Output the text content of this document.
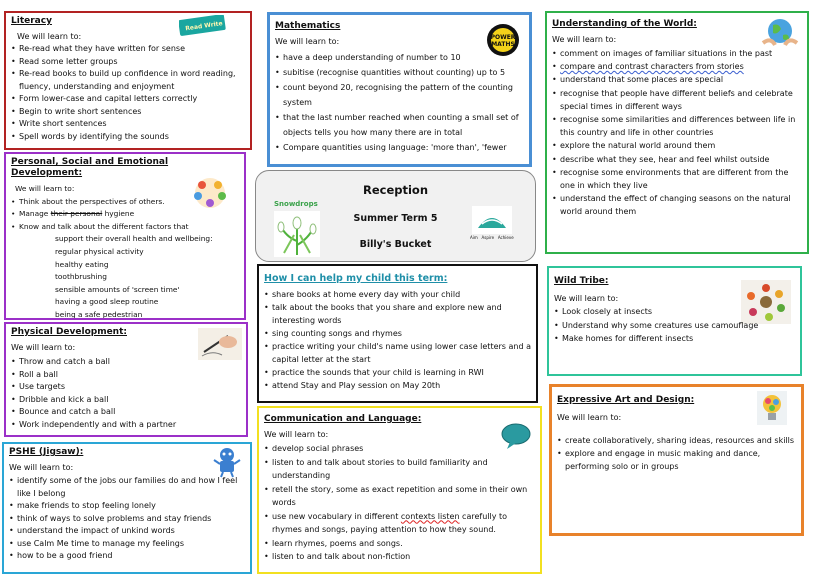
Literacy	Read Write

We will learn to:

• Re-read what they have written for sense
• Read some letter groups
• Re-read books to build up confidence in word reading, fluency, understanding and enjoyment
• Form lower-case and capital letters correctly
• Begin to write short sentences
• Write short sentences
• Spell words by identifying the sounds
Personal, Social and Emotional Development:

We will learn to:

• Think about the perspectives of others.
• Manage their personal hygiene
• Know and talk about the different factors that
support their overall health and wellbeing:
regular physical activity
healthy eating
toothbrushing
sensible amounts of 'screen time'
having a good sleep routine
being a safe pedestrian
Physical Development:

We will learn to:

• Throw and catch a ball
• Roll a ball
• Use targets
• Dribble and kick a ball
• Bounce and catch a ball
• Work independently and with a partner
PSHE (Jigsaw):

We will learn to:

• identify some of the jobs our families do and how I feel like I belong
• make friends to stop feeling lonely
• think of ways to solve problems and stay friends
• understand the impact of unkind words
• use Calm Me time to manage my feelings
• how to be a good friend
Mathematics
POWER
MATHS

We will learn to:

• have a deep understanding of number to 10
• subitise (recognise quantities without counting) up to 5
• count beyond 20, recognising the pattern of the counting system
• that the last number reached when counting a small set of objects tells you how many there are in total
• Compare quantities using language: 'more than', 'fewer
Snowdrops
Reception
Summer Term 5
Billy's Bucket
Aim   Aspire   Achieve
How I can help my child this term:
• share books at home every day with your child
• talk about the books that you share and explore new and interesting words
• sing counting songs and rhymes
• practice writing your child's name using lower case letters and a capital letter at the start
• practice the sounds that your child is learning in RWI
• attend Stay and Play session on May 20th
Communication and Language:

We will learn to:

• develop social phrases
• listen to and talk about stories to build familiarity and understanding
• retell the story, some as exact repetition and some in their own words
• use new vocabulary in different contexts listen carefully to rhymes and songs, paying attention to how they sound.
• learn rhymes, poems and songs.
• listen to and talk about non-fiction
Understanding of the World:

We will learn to:

• comment on images of familiar situations in the past
• compare and contrast characters from stories
• understand that some places are special
• recognise that people have different beliefs and celebrate special times in different ways
• recognise some similarities and differences between life in this country and life in other countries
• explore the natural world around them
• describe what they see, hear and feel whilst outside
• recognise some environments that are different from the one in which they live
• understand the effect of changing seasons on the natural world around them
Wild Tribe:

We will learn to:

• Look closely at insects
• Understand why some creatures use camouflage
• Make homes for different insects
Expressive Art and Design:

We will learn to:

• create collaboratively, sharing ideas, resources and skills
• explore and engage in music making and dance, performing solo or in groups
